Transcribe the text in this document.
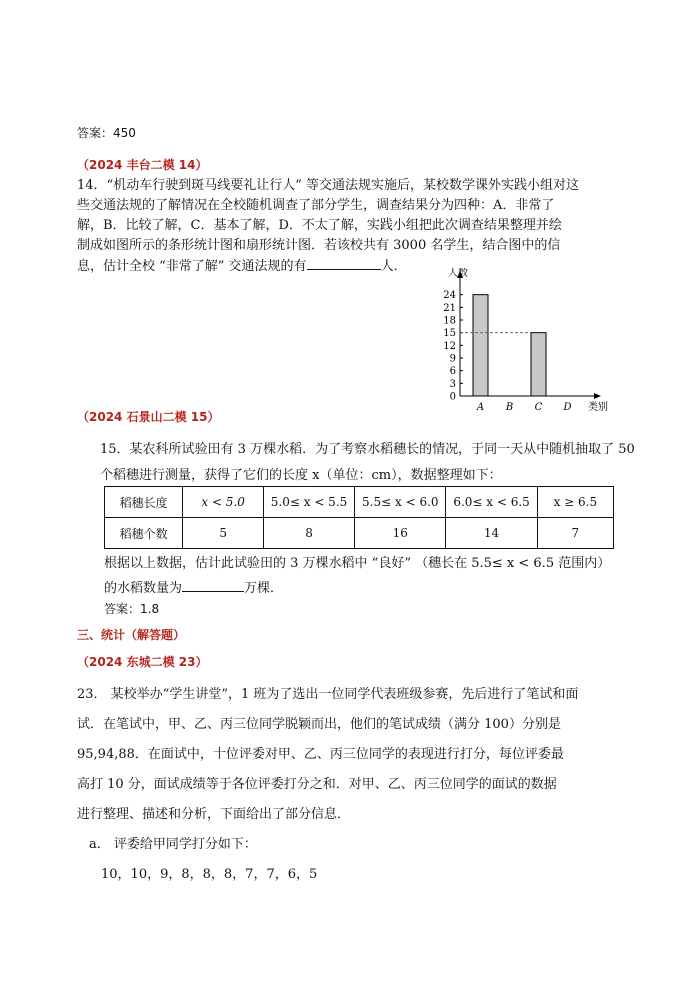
答案：450
（2024 丰台二模 14）
14．“机动车行驶到斑马线要礼让行人” 等交通法规实施后，某校数学课外实践小组对这
些交通法规的了解情况在全校随机调查了部分学生，调查结果分为四种：A．非常了
解，B．比较了解，C．基本了解，D．不太了解，实践小组把此次调查结果整理并绘
制成如图所示的条形统计图和扇形统计图．若该校共有 3000 名学生，结合图中的信
息，估计全校 “非常了解” 交通法规的有	人．	人数
类别
0
3
6
9
12
15
18
21
24
A B C D
（2024 石景山二模 15）
15．某农科所试验田有 3 万棵水稻．为了考察水稻穗长的情况，于同一天从中随机抽取了 50
个稻穗进行测量，获得了它们的长度 x（单位：cm），数据整理如下：
稻穗长度	x < 5.0	5.0≤ x < 5.5	5.5≤ x < 6.0	6.0≤ x < 6.5	x ≥ 6.5
稻穗个数	5	8	16	14	7
根据以上数据，估计此试验田的 3 万棵水稻中 “良好” （穗长在 5.5≤ x < 6.5 范围内）
的水稻数量为	万棵．
答案：1.8
三、统计（解答题）
（2024 东城二模 23）
23． 某校举办“学生讲堂”，1 班为了选出一位同学代表班级参赛，先后进行了笔试和面
试．在笔试中，甲、乙、丙三位同学脱颖而出，他们的笔试成绩（满分 100）分别是
95,94,88．在面试中，十位评委对甲、乙、丙三位同学的表现进行打分，每位评委最
高打 10 分，面试成绩等于各位评委打分之和．对甲、乙、丙三位同学的面试的数据
进行整理、描述和分析，下面给出了部分信息．
a． 评委给甲同学打分如下：
10，10，9，8，8，8，7，7，6，5
